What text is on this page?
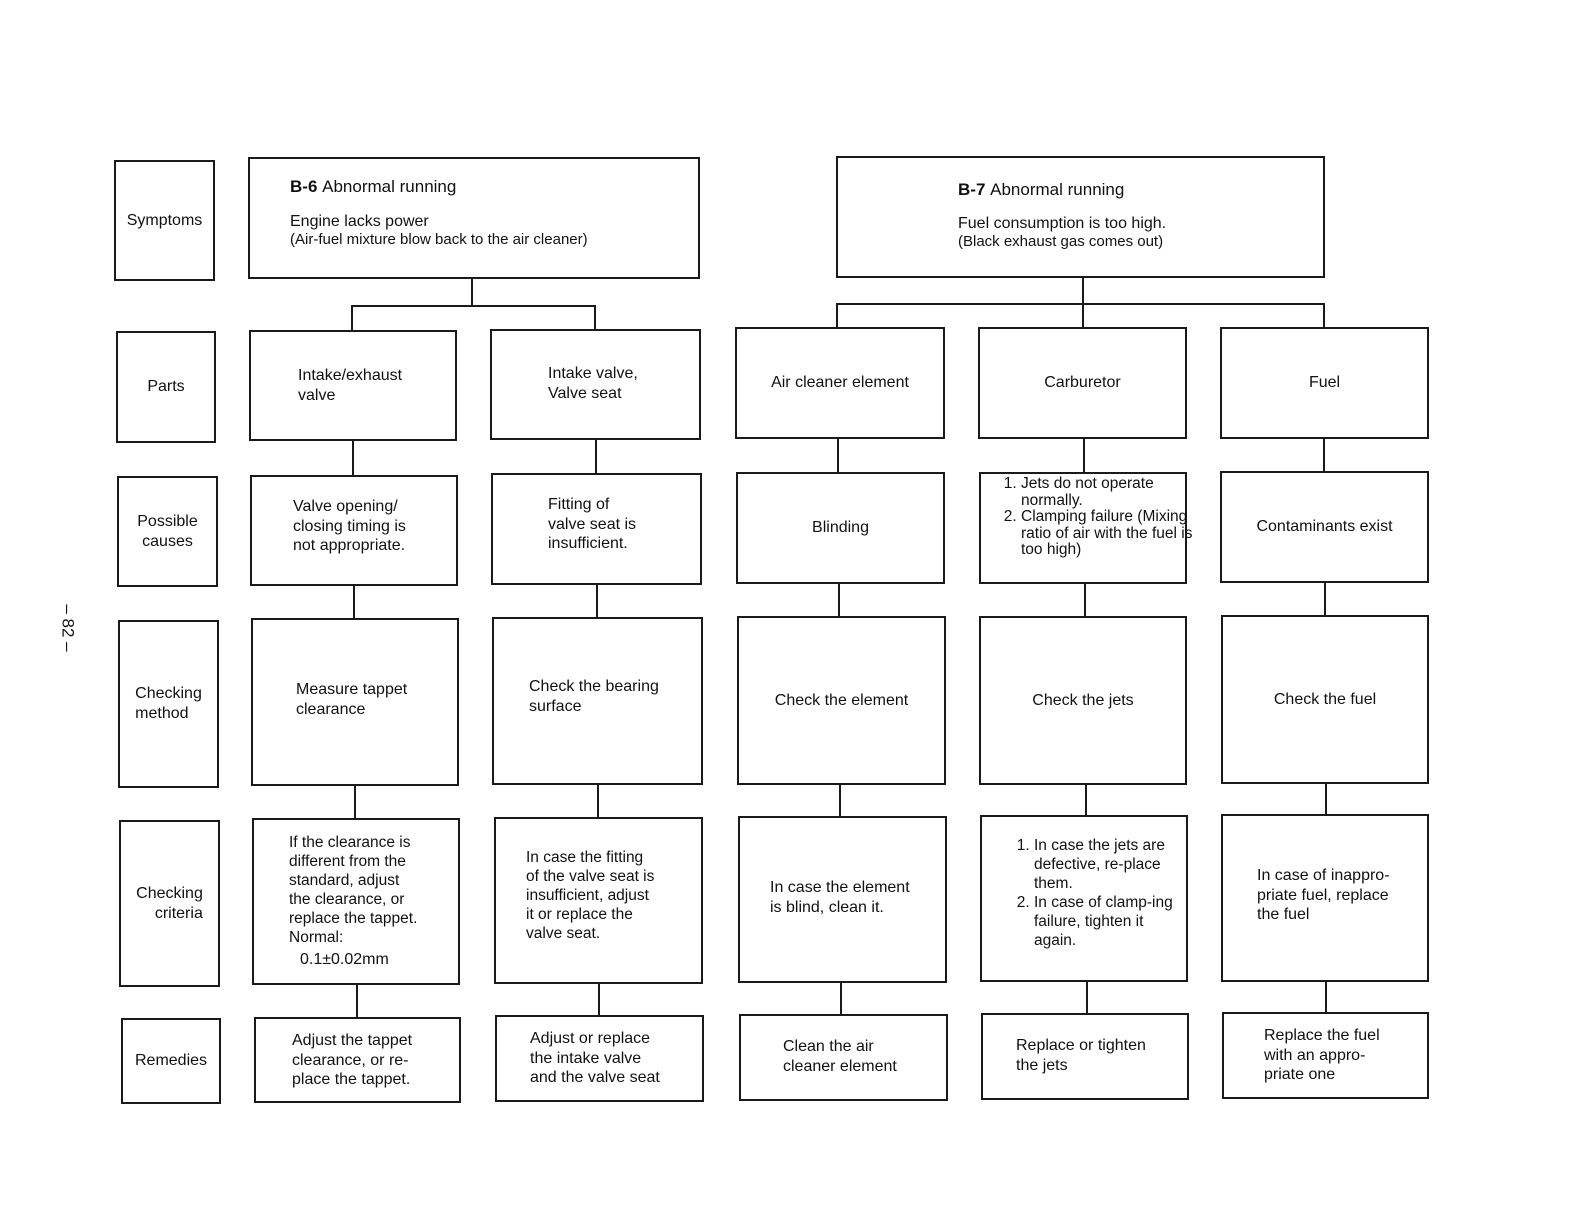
– 82 –
Symptoms
Parts
Possible
causes
Checking
method
Checking
criteria
Remedies
B-6 Abnormal running
Engine lacks power
(Air-fuel mixture blow back to the air cleaner)
Intake/exhaust
valve
Valve opening/
closing timing is
not appropriate.
Measure tappet
clearance
If the clearance is
different from the
standard, adjust
the clearance, or
replace the tappet.
Normal:
0.1±0.02mm
Adjust the tappet
clearance, or re-
place the tappet.
Intake valve,
Valve seat
Fitting of
valve seat is
insufficient.
Check the bearing
surface
In case the fitting
of the valve seat is
insufficient, adjust
it or replace the
valve seat.
Adjust or replace
the intake valve
and the valve seat
B-7 Abnormal running
Fuel consumption is too high.
(Black exhaust gas comes out)
Air cleaner element
Blinding
Check the element
In case the element
is blind, clean it.
Clean the air
cleaner element
Carburetor
1. Jets do not operate normally.
2. Clamping failure (Mixing ratio of air with the fuel is too high)
Check the jets
1. In case the jets are defective, re-place them.
2. In case of clamp-ing failure, tighten it again.
Replace or tighten
the jets
Fuel
Contaminants exist
Check the fuel
In case of inappro-
priate fuel, replace
the fuel
Replace the fuel
with an appro-
priate one
